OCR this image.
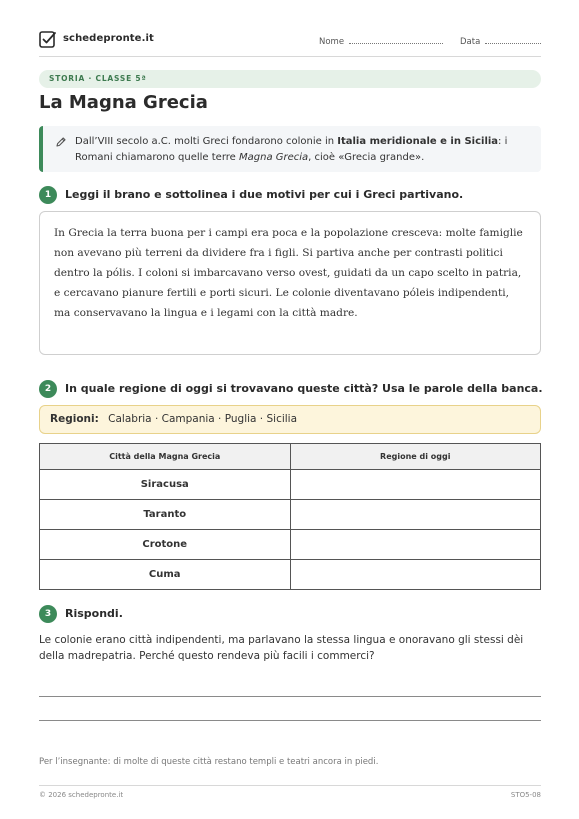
schedepronte.it	Nome	Data
STORIA · CLASSE 5ª
La Magna Grecia
Dall’VIII secolo a.C. molti Greci fondarono colonie in Italia meridionale e in Sicilia: i Romani chiamarono quelle terre Magna Grecia, cioè «Grecia grande».
1	Leggi il brano e sottolinea i due motivi per cui i Greci partivano.
In Grecia la terra buona per i campi era poca e la popolazione cresceva: molte famiglie non avevano più terreni da dividere fra i figli. Si partiva anche per contrasti politici dentro la pólis. I coloni si imbarcavano verso ovest, guidati da un capo scelto in patria, e cercavano pianure fertili e porti sicuri. Le colonie diventavano póleis indipendenti, ma conservavano la lingua e i legami con la città madre.
2	In quale regione di oggi si trovavano queste città? Usa le parole della banca.
Regioni: Calabria · Campania · Puglia · Sicilia
Città della Magna Grecia	Regione di oggi
Siracusa	
Taranto	
Crotone	
Cuma	
3	Rispondi.
Le colonie erano città indipendenti, ma parlavano la stessa lingua e onoravano gli stessi dèi della madrepatria. Perché questo rendeva più facili i commerci?
Per l’insegnante: di molte di queste città restano templi e teatri ancora in piedi.
© 2026 schedepronte.it	STO5-08
